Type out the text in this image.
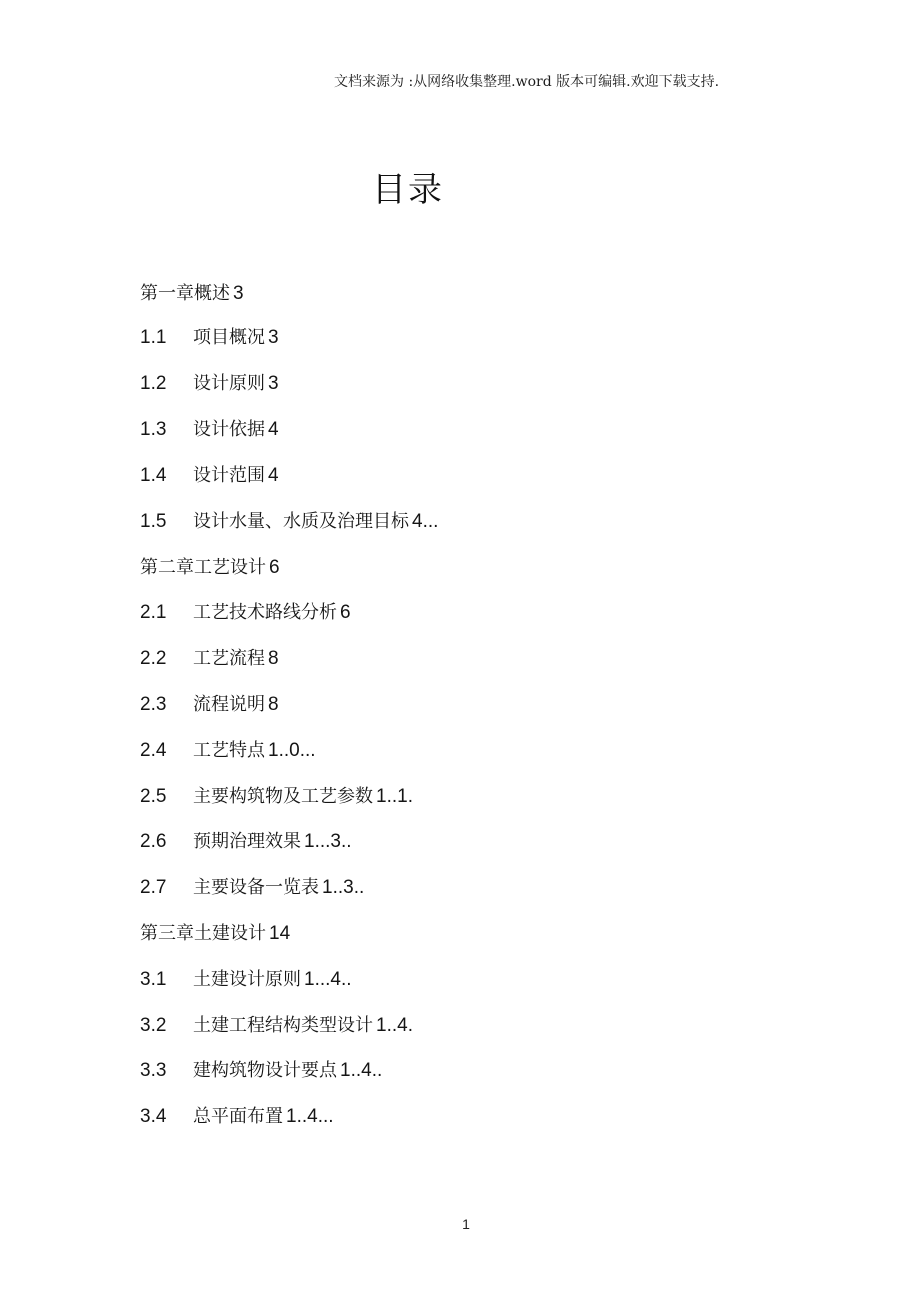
文档来源为 :从网络收集整理.word 版本可编辑.欢迎下载支持.
目录
第一章概述 3
1.1 项目概况 3
1.2 设计原则 3
1.3 设计依据 4
1.4 设计范围 4
1.5 设计水量、水质及治理目标 4...
第二章工艺设计 6
2.1 工艺技术路线分析 6
2.2 工艺流程 8
2.3 流程说明 8
2.4 工艺特点 1..0...
2.5 主要构筑物及工艺参数 1..1.
2.6 预期治理效果 1...3..
2.7 主要设备一览表 1..3..
第三章土建设计 14
3.1 土建设计原则 1...4..
3.2 土建工程结构类型设计 1..4.
3.3 建构筑物设计要点 1..4..
3.4 总平面布置 1..4...
1
